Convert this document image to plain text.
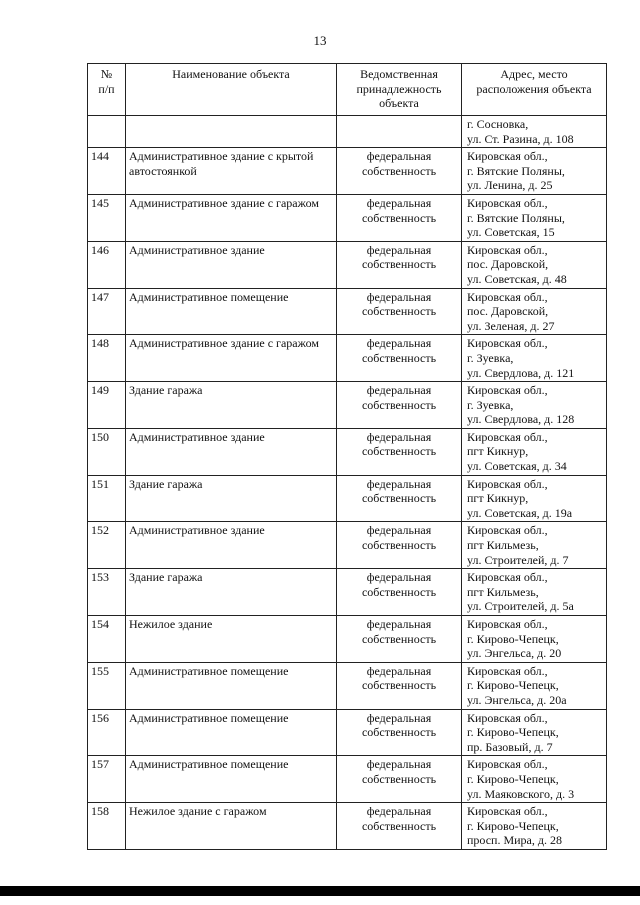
13
№
п/п	Наименование объекта	Ведомственная
принадлежность
объекта	Адрес, место
расположения объекта

			г. Сосновка,
ул. Ст. Разина, д. 108

144	Административное здание с крытой автостоянкой	федеральная
собственность	Кировская обл.,
г. Вятские Поляны,
ул. Ленина, д. 25

145	Административное здание с гаражом	федеральная
собственность	Кировская обл.,
г. Вятские Поляны,
ул. Советская, 15

146	Административное здание	федеральная
собственность	Кировская обл.,
пос. Даровской,
ул. Советская, д. 48

147	Административное помещение	федеральная
собственность	Кировская обл.,
пос. Даровской,
ул. Зеленая, д. 27

148	Административное здание с гаражом	федеральная
собственность	Кировская обл.,
г. Зуевка,
ул. Свердлова, д. 121

149	Здание гаража	федеральная
собственность	Кировская обл.,
г. Зуевка,
ул. Свердлова, д. 128

150	Административное здание	федеральная
собственность	Кировская обл.,
пгт Кикнур,
ул. Советская, д. 34

151	Здание гаража	федеральная
собственность	Кировская обл.,
пгт Кикнур,
ул. Советская, д. 19а

152	Административное здание	федеральная
собственность	Кировская обл.,
пгт Кильмезь,
ул. Строителей, д. 7

153	Здание гаража	федеральная
собственность	Кировская обл.,
пгт Кильмезь,
ул. Строителей, д. 5а

154	Нежилое здание	федеральная
собственность	Кировская обл.,
г. Кирово-Чепецк,
ул. Энгельса, д. 20

155	Административное помещение	федеральная
собственность	Кировская обл.,
г. Кирово-Чепецк,
ул. Энгельса, д. 20а

156	Административное помещение	федеральная
собственность	Кировская обл.,
г. Кирово-Чепецк,
пр. Базовый, д. 7

157	Административное помещение	федеральная
собственность	Кировская обл.,
г. Кирово-Чепецк,
ул. Маяковского, д. 3

158	Нежилое здание с гаражом	федеральная
собственность	Кировская обл.,
г. Кирово-Чепецк,
просп. Мира, д. 28
